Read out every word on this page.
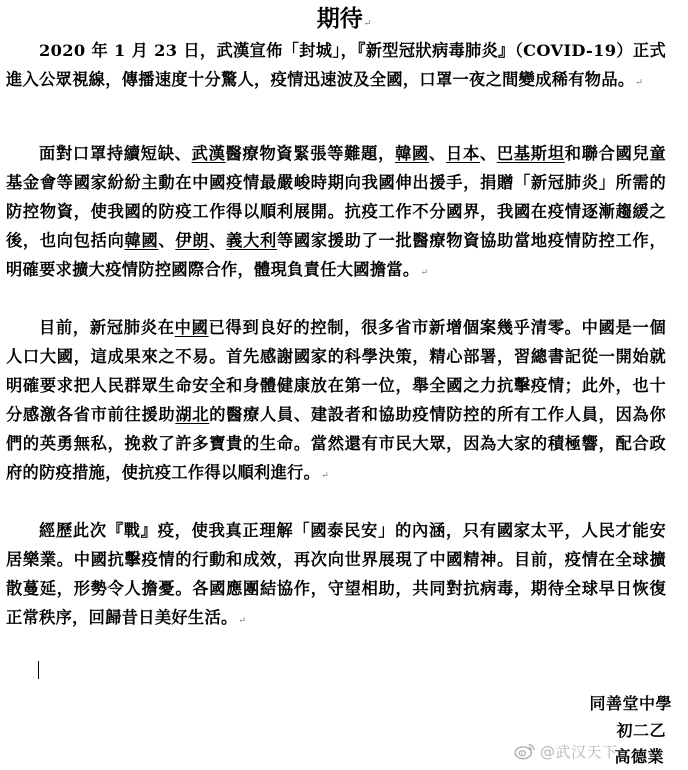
期待↵

2020 年 1 月 23 日，武漢宣佈「封城」，『新型冠狀病毒肺炎』（COVID-19）正式進入公眾視線，傳播速度十分驚人，疫情迅速波及全國，口罩一夜之間變成稀有物品。↵

面對口罩持續短缺、武漢醫療物資緊張等難題，韓國、日本、巴基斯坦和聯合國兒童基金會等國家紛紛主動在中國疫情最嚴峻時期向我國伸出援手，捐贈「新冠肺炎」所需的防控物資，使我國的防疫工作得以順利展開。抗疫工作不分國界，我國在疫情逐漸趨緩之後，也向包括向韓國、伊朗、義大利等國家援助了一批醫療物資協助當地疫情防控工作，明確要求擴大疫情防控國際合作，體現負責任大國擔當。↵

目前，新冠肺炎在中國已得到良好的控制，很多省市新增個案幾乎清零。中國是一個人口大國，這成果來之不易。首先感謝國家的科學決策，精心部署，習總書記從一開始就明確要求把人民群眾生命安全和身體健康放在第一位，舉全國之力抗擊疫情；此外，也十分感激各省市前往援助湖北的醫療人員、建設者和協助疫情防控的所有工作人員，因為你們的英勇無私，挽救了許多寶貴的生命。當然還有市民大眾，因為大家的積極響，配合政府的防疫措施，使抗疫工作得以順利進行。↵

經歷此次『戰』疫，使我真正理解「國泰民安」的內涵，只有國家太平，人民才能安居樂業。中國抗擊疫情的行動和成效，再次向世界展現了中國精神。目前，疫情在全球擴散蔓延，形勢令人擔憂。各國應團結協作，守望相助，共同對抗病毒，期待全球早日恢復正常秩序，回歸昔日美好生活。↵

同善堂中學
初二乙
高德業
@武汉天下
